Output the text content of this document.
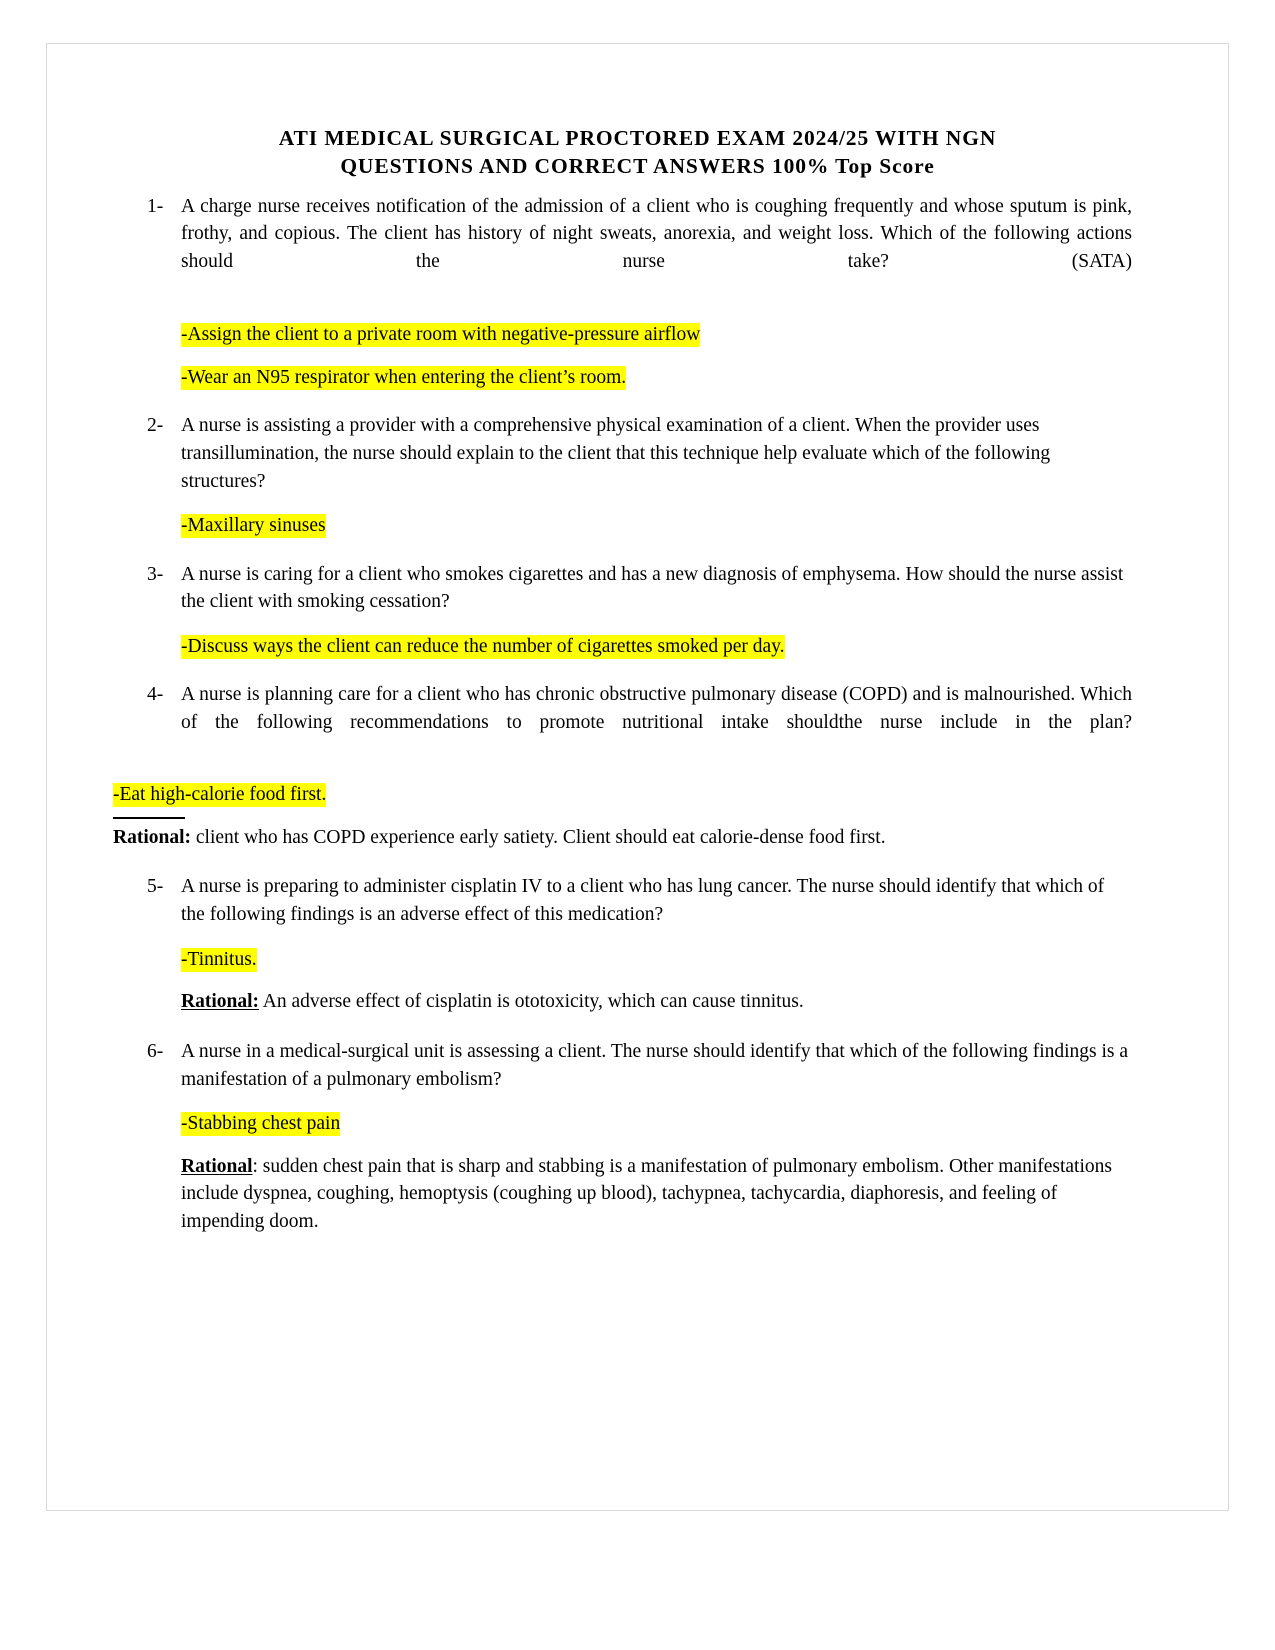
ATI MEDICAL SURGICAL PROCTORED EXAM 2024/25 WITH NGN
QUESTIONS AND CORRECT ANSWERS 100% Top Score
1- A charge nurse receives notification of the admission of a client who is coughing frequently and whose sputum is pink, frothy, and copious. The client has history of night sweats, anorexia, and weight loss. Which of the following actions should the nurse take? (SATA)
-Assign the client to a private room with negative-pressure airflow
-Wear an N95 respirator when entering the client’s room.
2- A nurse is assisting a provider with a comprehensive physical examination of a client. When the provider uses transillumination, the nurse should explain to the client that this technique help evaluate which of the following structures?
-Maxillary sinuses
3- A nurse is caring for a client who smokes cigarettes and has a new diagnosis of emphysema. How should the nurse assist the client with smoking cessation?
-Discuss ways the client can reduce the number of cigarettes smoked per day.
4- A nurse is planning care for a client who has chronic obstructive pulmonary disease (COPD) and is malnourished. Which of the following recommendations to promote nutritional intake shouldthe nurse include in the plan?
-Eat high-calorie food first.
Rational: client who has COPD experience early satiety. Client should eat calorie-dense food first.
5- A nurse is preparing to administer cisplatin IV to a client who has lung cancer. The nurse should identify that which of the following findings is an adverse effect of this medication?
-Tinnitus.
Rational: An adverse effect of cisplatin is ototoxicity, which can cause tinnitus.
6- A nurse in a medical-surgical unit is assessing a client. The nurse should identify that which of the following findings is a manifestation of a pulmonary embolism?
-Stabbing chest pain
Rational: sudden chest pain that is sharp and stabbing is a manifestation of pulmonary embolism. Other manifestations include dyspnea, coughing, hemoptysis (coughing up blood), tachypnea, tachycardia, diaphoresis, and feeling of impending doom.
